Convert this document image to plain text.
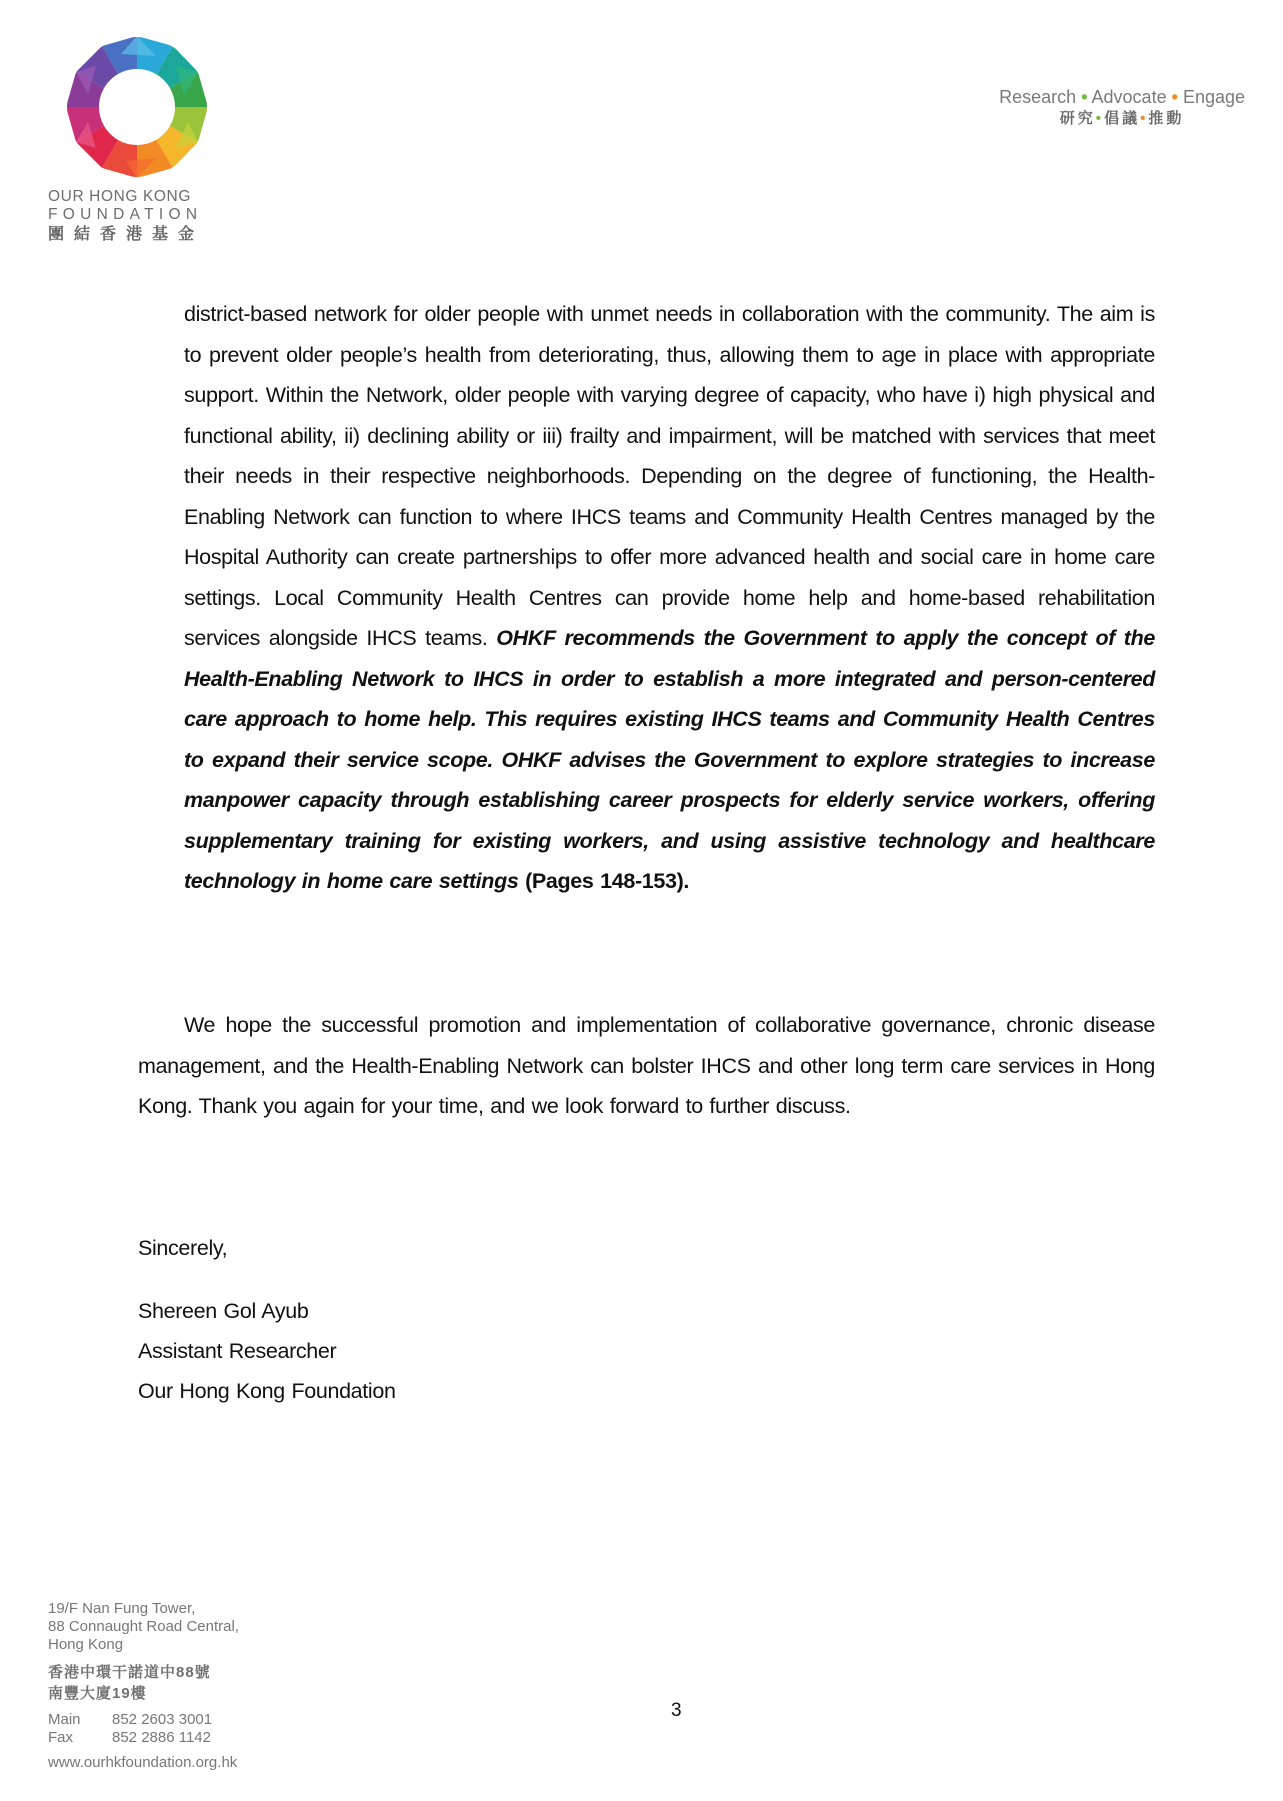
OUR HONG KONG
FOUNDATION
團結香港基金
Research • Advocate • Engage
研究•倡議•推動

district-based network for older people with unmet needs in collaboration with the community. The aim is to prevent older people’s health from deteriorating, thus, allowing them to age in place with appropriate support. Within the Network, older people with varying degree of capacity, who have i) high physical and functional ability, ii) declining ability or iii) frailty and impairment, will be matched with services that meet their needs in their respective neighborhoods. Depending on the degree of functioning, the Health-Enabling Network can function to where IHCS teams and Community Health Centres managed by the Hospital Authority can create partnerships to offer more advanced health and social care in home care settings. Local Community Health Centres can provide home help and home-based rehabilitation services alongside IHCS teams. OHKF recommends the Government to apply the concept of the Health-Enabling Network to IHCS in order to establish a more integrated and person-centered care approach to home help. This requires existing IHCS teams and Community Health Centres to expand their service scope. OHKF advises the Government to explore strategies to increase manpower capacity through establishing career prospects for elderly service workers, offering supplementary training for existing workers, and using assistive technology and healthcare technology in home care settings (Pages 148-153).

We hope the successful promotion and implementation of collaborative governance, chronic disease management, and the Health-Enabling Network can bolster IHCS and other long term care services in Hong Kong. Thank you again for your time, and we look forward to further discuss.

Sincerely,

Shereen Gol Ayub
Assistant Researcher
Our Hong Kong Foundation
19/F Nan Fung Tower,
88 Connaught Road Central,
Hong Kong
香港中環干諾道中88號
南豐大廈19樓
Main 852 2603 3001
Fax	852 2886 1142
www.ourhkfoundation.org.hk
3
